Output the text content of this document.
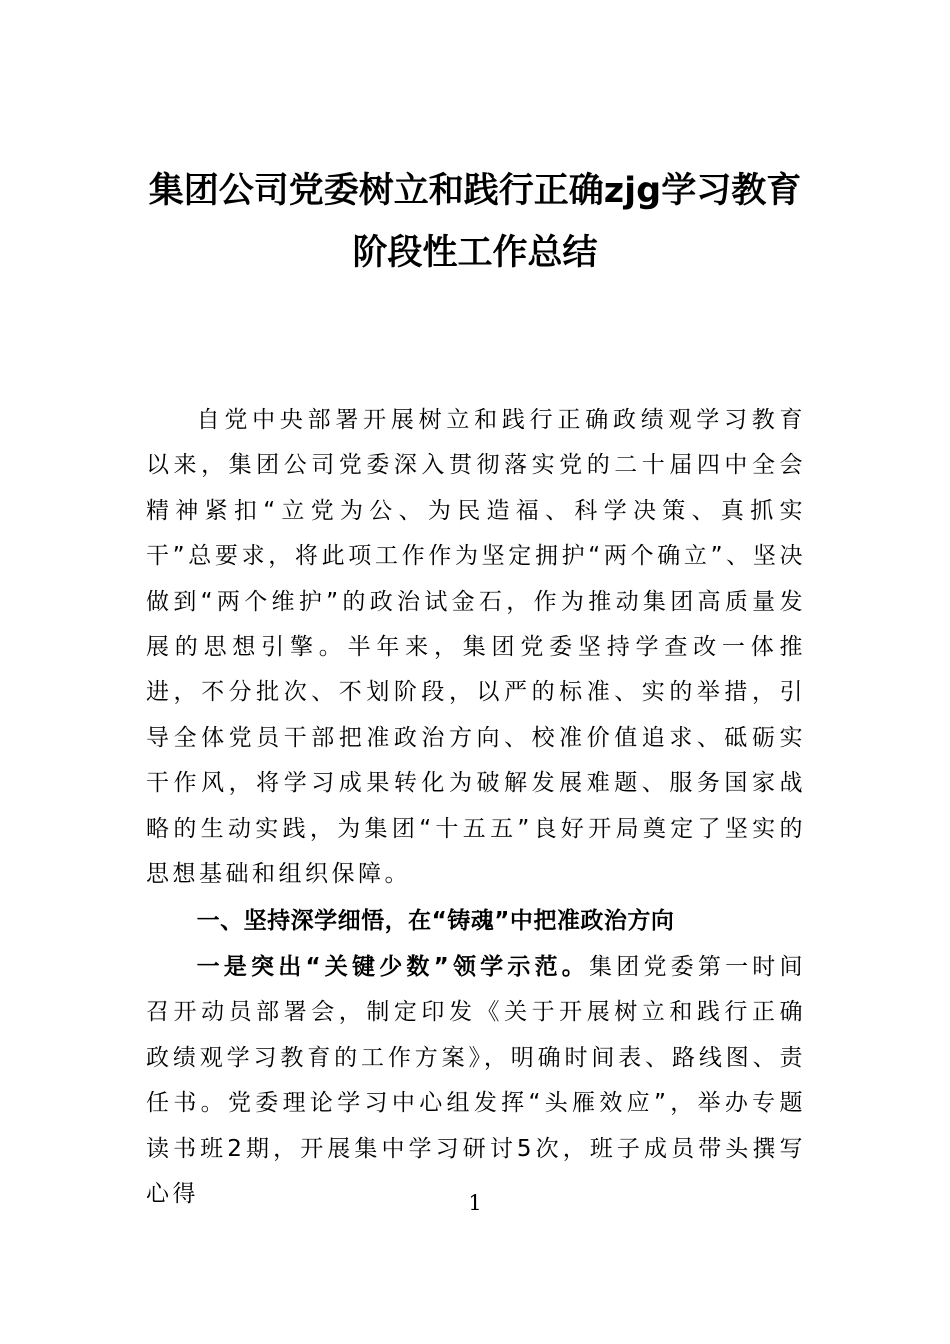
集团公司党委树立和践行正确zjg学习教育
阶段性工作总结

自党中央部署开展树立和践行正确政绩观学习教育以来，集团公司党委深入贯彻落实党的二十届四中全会精神紧扣“立党为公、为民造福、科学决策、真抓实干”总要求，将此项工作作为坚定拥护“两个确立”、坚决做到“两个维护”的政治试金石，作为推动集团高质量发展的思想引擎。半年来，集团党委坚持学查改一体推进，不分批次、不划阶段，以严的标准、实的举措，引导全体党员干部把准政治方向、校准价值追求、砥砺实干作风，将学习成果转化为破解发展难题、服务国家战略的生动实践，为集团“十五五”良好开局奠定了坚实的思想基础和组织保障。

一、坚持深学细悟，在“铸魂”中把准政治方向

一是突出“关键少数”领学示范。集团党委第一时间召开动员部署会，制定印发《关于开展树立和践行正确政绩观学习教育的工作方案》，明确时间表、路线图、责任书。党委理论学习中心组发挥“头雁效应”，举办专题读书班2期，开展集中学习研讨5次，班子成员带头撰写心得	1
